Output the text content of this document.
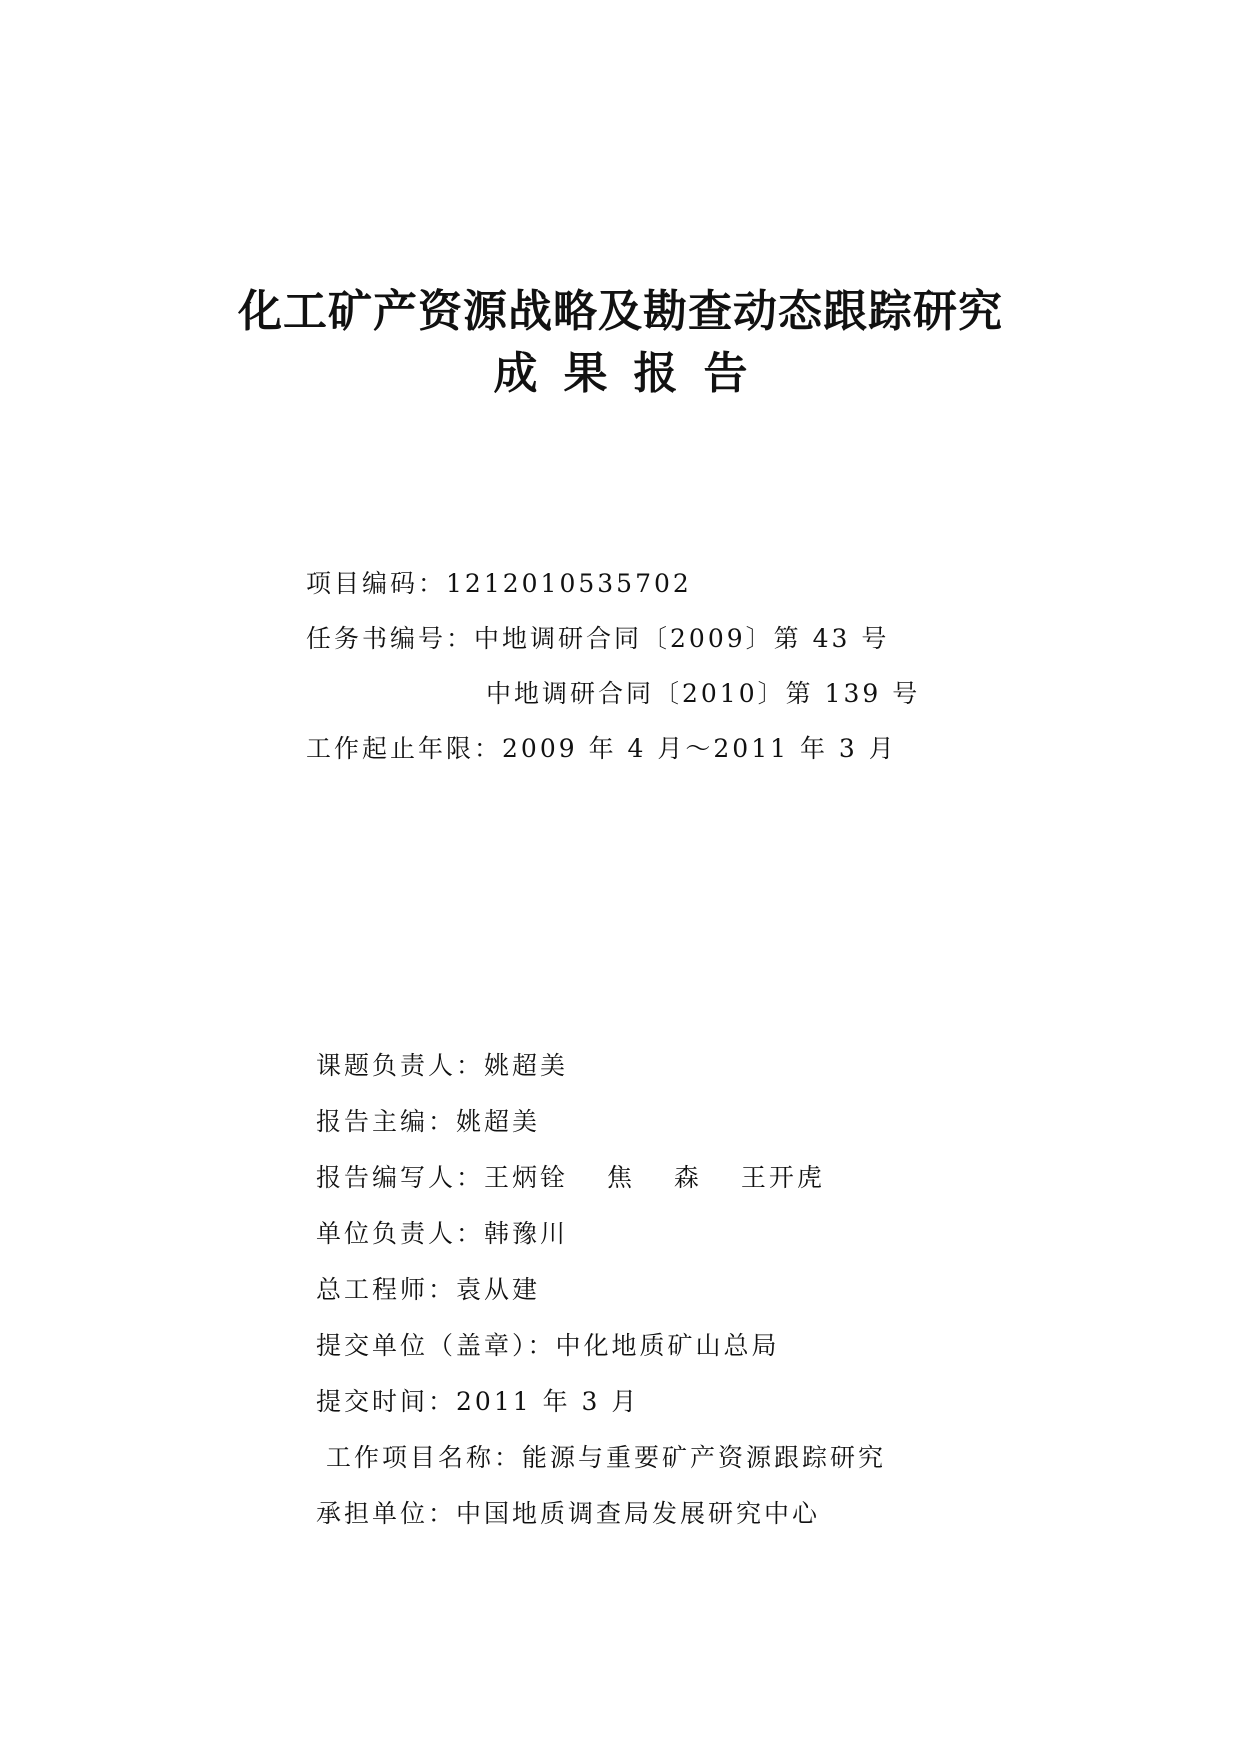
化工矿产资源战略及勘查动态跟踪研究
成果报告
项目编码：1212010535702
任务书编号：中地调研合同〔2009〕第 43 号
中地调研合同〔2010〕第 139 号
工作起止年限：2009 年 4 月～2011 年 3 月
课题负责人：姚超美
报告主编：姚超美
报告编写人：王炳铨　 焦　 森　 王开虎
单位负责人：韩豫川
总工程师：袁从建
提交单位（盖章）：中化地质矿山总局
提交时间：2011 年 3 月
工作项目名称：能源与重要矿产资源跟踪研究
承担单位：中国地质调查局发展研究中心
